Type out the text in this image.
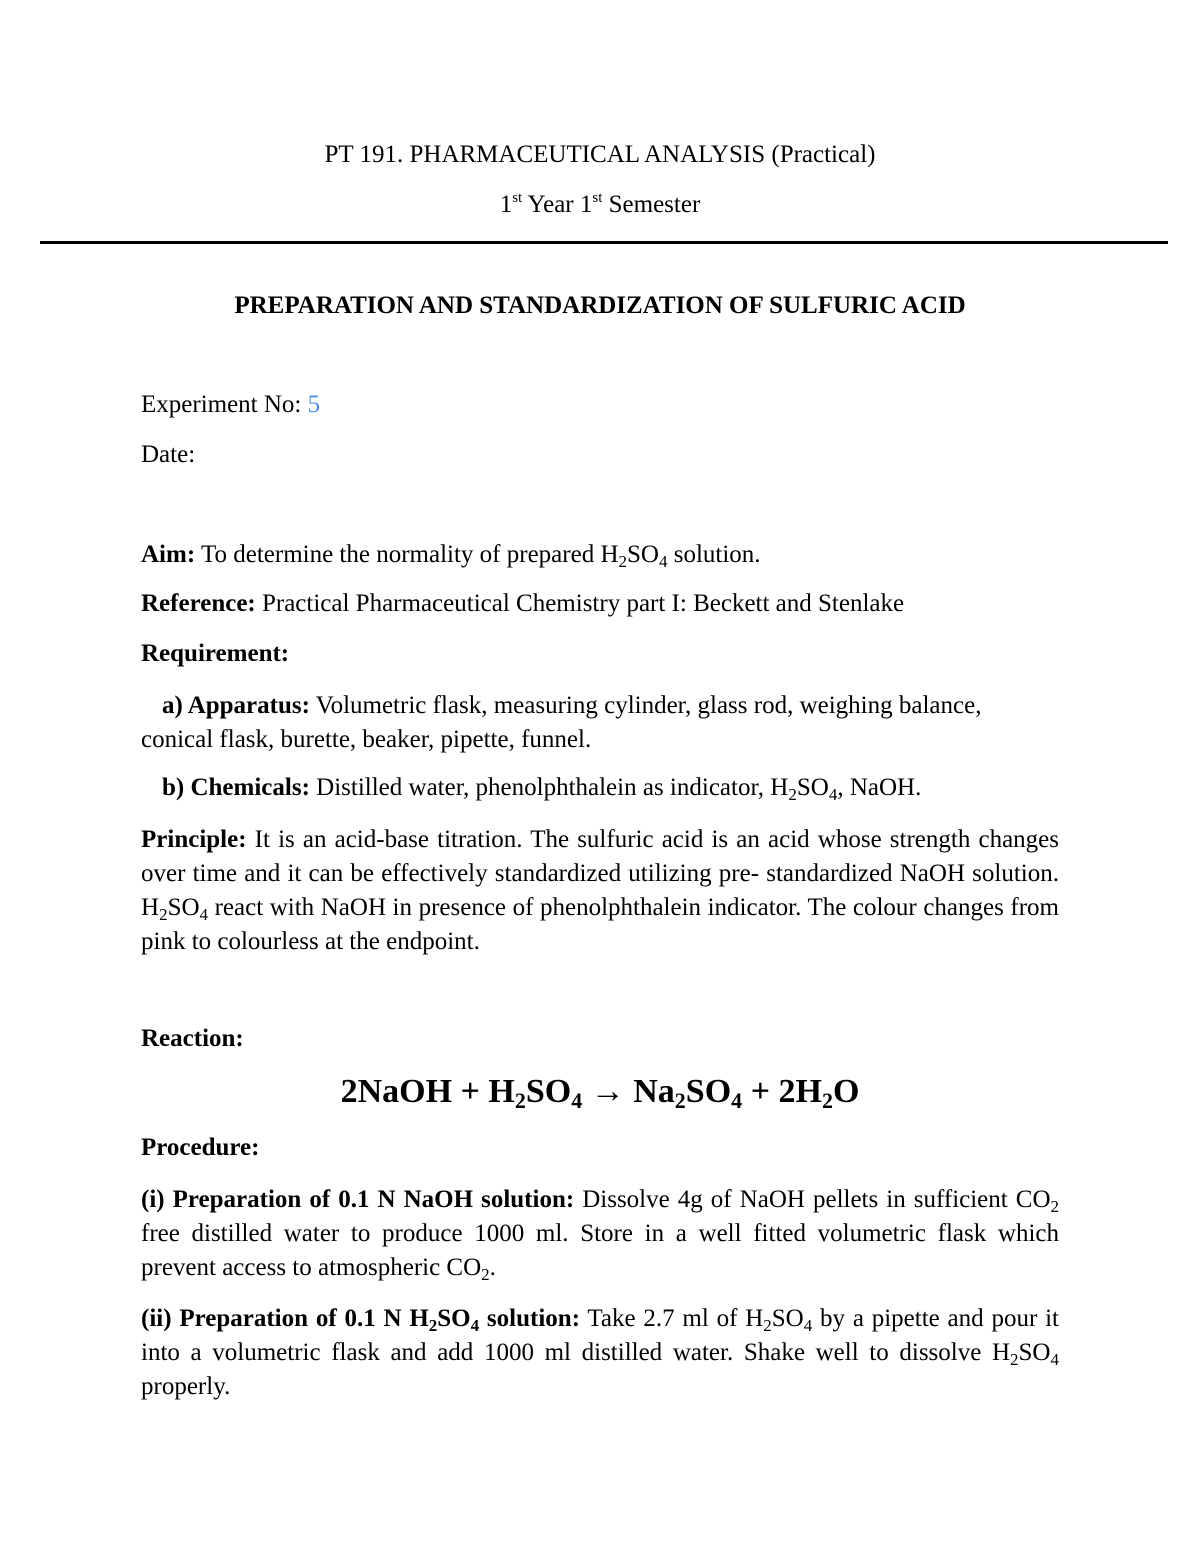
PT 191. PHARMACEUTICAL ANALYSIS (Practical)
1st Year 1st Semester
PREPARATION AND STANDARDIZATION OF SULFURIC ACID
Experiment No: 5
Date:
Aim: To determine the normality of prepared $H_2SO_4$ solution.
Reference: Practical Pharmaceutical Chemistry part I: Beckett and Stenlake
Requirement:
a) Apparatus: Volumetric flask, measuring cylinder, glass rod, weighing balance, conical flask, burette, beaker, pipette, funnel.
b) Chemicals: Distilled water, phenolphthalein as indicator, $H_2SO_4$, NaOH.
Principle: It is an acid-base titration. The sulfuric acid is an acid whose strength changes over time and it can be effectively standardized utilizing pre- standardized NaOH solution. $H_2SO_4$ react with NaOH in presence of phenolphthalein indicator. The colour changes from pink to colourless at the endpoint.
Reaction:
2NaOH + $H_2SO_4 \to Na_2SO_4 + 2H_2O$
Procedure:
(i) Preparation of 0.1 N NaOH solution: Dissolve 4g of NaOH pellets in sufficient $CO_2$ free distilled water to produce 1000 ml. Store in a well fitted volumetric flask which prevent access to atmospheric $CO_2$.
(ii) Preparation of 0.1 N $H_2SO_4$ solution: Take 2.7 ml of $H_2SO_4$ by a pipette and pour it into a volumetric flask and add 1000 ml distilled water. Shake well to dissolve $H_2SO_4$ properly.
